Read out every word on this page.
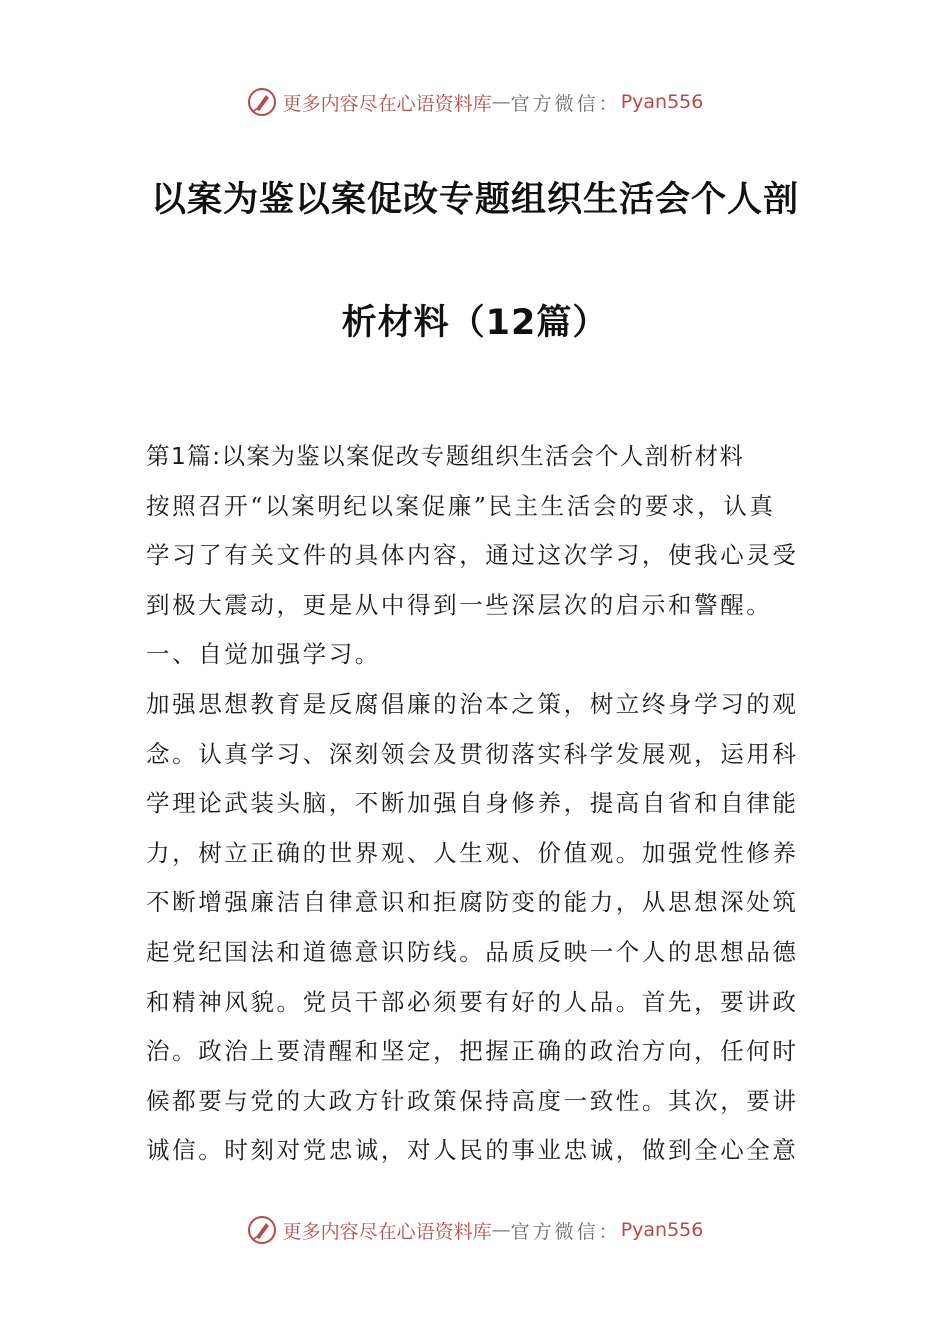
更多内容尽在心语资料库 — 官方微信： Pyan556
以案为鉴以案促改专题组织生活会个人剖
析材料（12篇）

第1篇:以案为鉴以案促改专题组织生活会个人剖析材料

按照召开“以案明纪以案促廉”民主生活会的要求，认真

学习了有关文件的具体内容，通过这次学习，使我心灵受

到极大震动，更是从中得到一些深层次的启示和警醒。

一、自觉加强学习。

加强思想教育是反腐倡廉的治本之策，树立终身学习的观

念。认真学习、深刻领会及贯彻落实科学发展观，运用科

学理论武装头脑，不断加强自身修养，提高自省和自律能

力，树立正确的世界观、人生观、价值观。加强党性修养

不断增强廉洁自律意识和拒腐防变的能力，从思想深处筑

起党纪国法和道德意识防线。品质反映一个人的思想品德

和精神风貌。党员干部必须要有好的人品。首先，要讲政

治。政治上要清醒和坚定，把握正确的政治方向，任何时

候都要与党的大政方针政策保持高度一致性。其次，要讲

诚信。时刻对党忠诚，对人民的事业忠诚，做到全心全意

更多内容尽在心语资料库 — 官方微信： Pyan556
